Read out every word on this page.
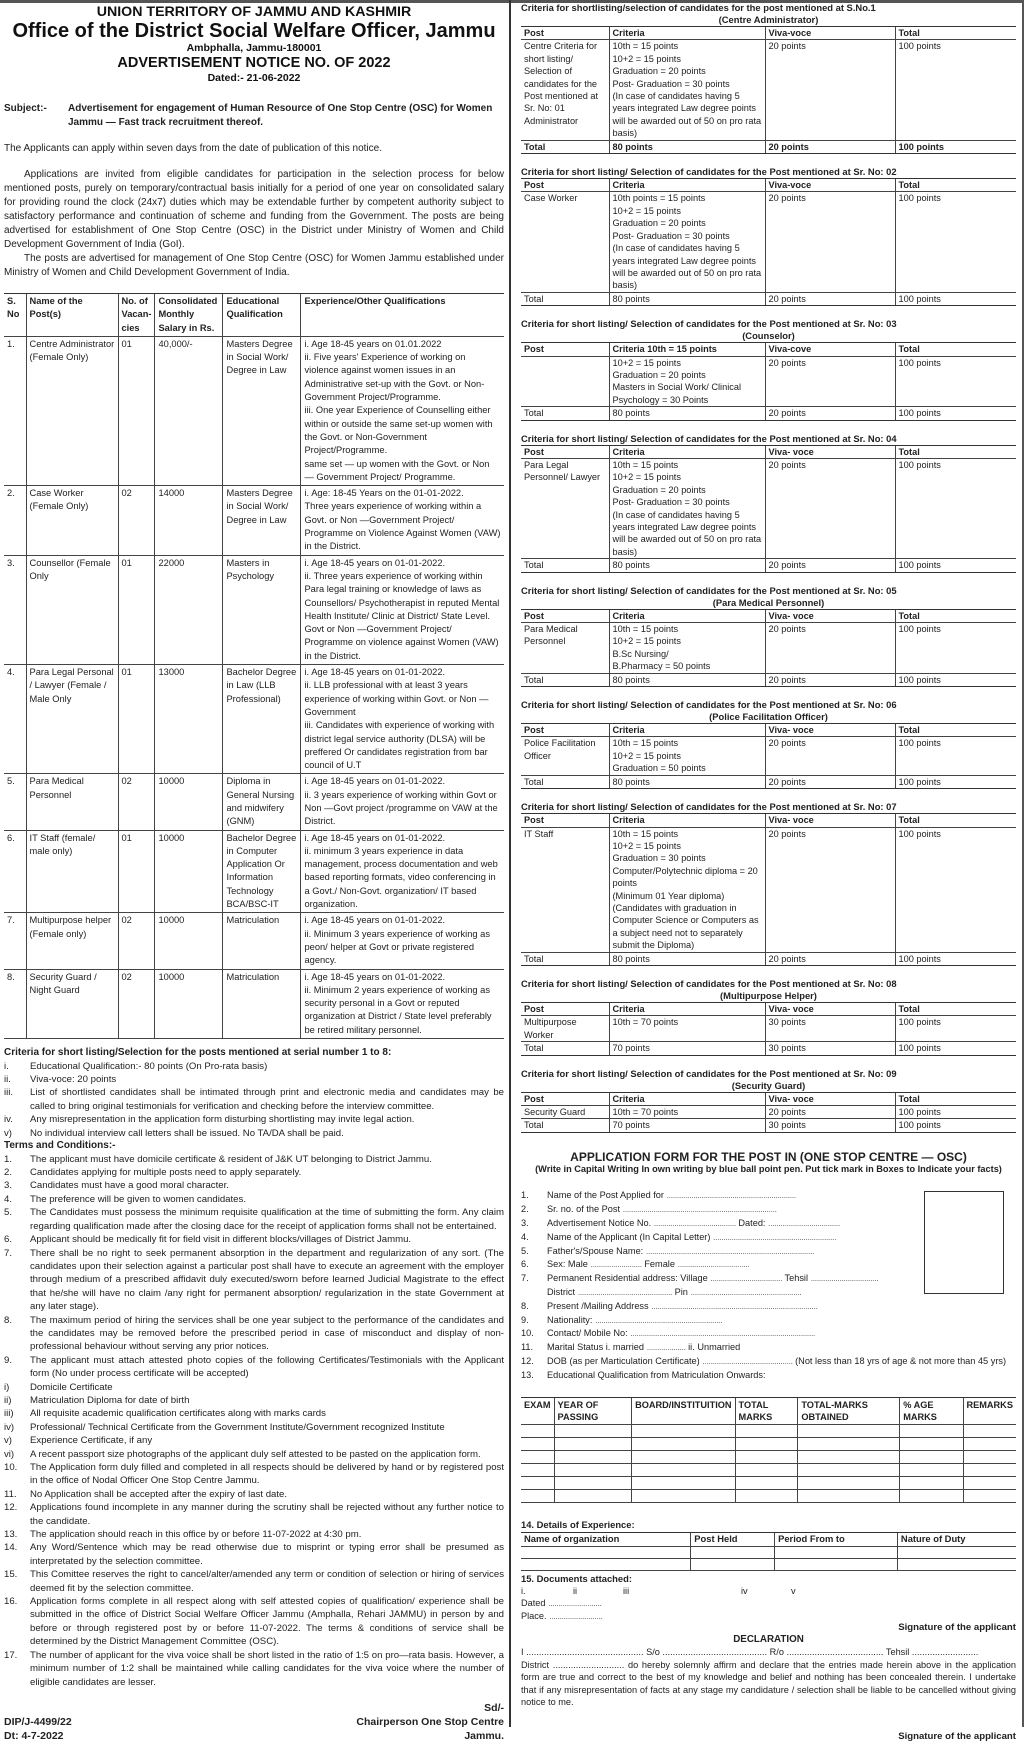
UNION TERRITORY OF JAMMU AND KASHMIR
Office of the District Social Welfare Officer, Jammu
Ambphalla, Jammu-180001
ADVERTISEMENT NOTICE NO. OF 2022
Dated:- 21-06-2022
Subject:-	Advertisement for engagement of Human Resource of One Stop Centre (OSC) for Women Jammu — Fast track recruitment thereof.
The Applicants can apply within seven days from the date of publication of this notice.
Applications are invited from eligible candidates for participation in the selection process for below mentioned posts, purely on temporary/contractual basis initially for a period of one year on consolidated salary for providing round the clock (24x7) duties which may be extendable further by competent authority subject to satisfactory performance and continuation of scheme and funding from the Government. The posts are being advertised for establishment of One Stop Centre (OSC) in the District under Ministry of Women and Child Development Government of India (GoI).
The posts are advertised for management of One Stop Centre (OSC) for Women Jammu established under Ministry of Women and Child Development Government of India.
S. No	Name of the Post(s)	No. of Vacan-cies	Consolidated Monthly Salary in Rs.	Educational Qualification	Experience/Other Qualifications
1.	Centre Administrator (Female Only)	01	40,000/-	Masters Degree in Social Work/ Degree in Law	i. Age 18-45 years on 01.01.2022
ii. Five years' Experience of working on violence against women issues in an Administrative set-up with the Govt. or Non-Government Project/Programme.
iii. One year Experience of Counselling either within or outside the same set-up women with the Govt. or Non-Government Project/Programme.
same set — up women with the Govt. or Non — Government Project/ Programme.
2.	Case Worker (Female Only)	02	14000	Masters Degree in Social Work/ Degree in Law	i. Age: 18-45 Years on the 01-01-2022.
Three years experience of working within a Govt. or Non —Government Project/ Programme on Violence Against Women (VAW) in the District.
3.	Counsellor (Female Only	01	22000	Masters in Psychology	i. Age 18-45 years on 01-01-2022.
ii. Three years experience of working within Para legal training or knowledge of laws as Counsellors/ Psychotherapist in reputed Mental Health Institute/ Clinic at District/ State Level. Govt or Non —Government Project/ Programme on violence against Women (VAW) in the District.
4.	Para Legal Personal / Lawyer (Female / Male Only	01	13000	Bachelor Degree in Law (LLB Professional)	i. Age 18-45 years on 01-01-2022.
ii. LLB professional with at least 3 years experience of working within Govt. or Non — Government
iii. Candidates with experience of working with district legal service authority (DLSA) will be preffered Or candidates registration from bar council of U.T
5.	Para Medical Personnel	02	10000	Diploma in General Nursing and midwifery (GNM)	i. Age 18-45 years on 01-01-2022.
ii. 3 years experience of working within Govt or Non —Govt project /programme on VAW at the District.
6.	IT Staff (female/ male only)	01	10000	Bachelor Degree in Computer Application Or Information Technology BCA/BSC-IT	i. Age 18-45 years on 01-01-2022.
ii. minimum 3 years experience in data management, process documentation and web based reporting formats, video conferencing in a Govt./ Non-Govt. organization/ IT based organization.
7.	Multipurpose helper (Female only)	02	10000	Matriculation	i. Age 18-45 years on 01-01-2022.
ii. Minimum 3 years experience of working as peon/ helper at Govt or private registered agency.
8.	Security Guard / Night Guard	02	10000	Matriculation	i. Age 18-45 years on 01-01-2022.
ii. Minimum 2 years experience of working as security personal in a Govt or reputed organization at District / State level preferably be retired military personnel.
Criteria for short listing/Selection for the posts mentioned at serial number 1 to 8:
i.	Educational Qualification:- 80 points (On Pro-rata basis)
ii.	Viva-voce: 20 points
iii.	List of shortlisted candidates shall be intimated through print and electronic media and candidates may be called to bring original testimonials for verification and checking before the interview committee.
iv.	Any misrepresentation in the application form disturbing shortlisting may invite legal action.
v)	No individual interview call letters shall be issued. No TA/DA shall be paid.
Terms and Conditions:-
1.	The applicant must have domicile certificate & resident of J&K UT belonging to District Jammu.
2.	Candidates applying for multiple posts need to apply separately.
3.	Candidates must have a good moral character.
4.	The preference will be given to women candidates.
5.	The Candidates must possess the minimum requisite qualification at the time of submitting the form. Any claim regarding qualification made after the closing dace for the receipt of application forms shall not be entertained.
6.	Applicant should be medically fit for field visit in different blocks/villages of District Jammu.
7.	There shall be no right to seek permanent absorption in the department and regularization of any sort. (The candidates upon their selection against a particular post shall have to execute an agreement with the employer through medium of a prescribed affidavit duly executed/sworn before learned Judicial Magistrate to the effect that he/she will have no claim /any right for permanent absorption/ regularization in the state Government at any later stage).
8.	The maximum period of hiring the services shall be one year subject to the performance of the candidates and the candidates may be removed before the prescribed period in case of misconduct and display of non-professional behaviour without serving any prior notices.
9.	The applicant must attach attested photo copies of the following Certificates/Testimonials with the Applicant form (No under process certificate will be accepted)
i)	Domicile Certificate
ii)	Matriculation Diploma for date of birth
iii)	All requisite academic qualification certificates along with marks cards
iv)	Professional/ Technical Certificate from the Government Institute/Government recognized Institute
v)	Experience Certificate, if any
vi)	A recent passport size photographs of the applicant duly self attested to be pasted on the application form.
10.	The Application form duly filled and completed in all respects should be delivered by hand or by registered post in the office of Nodal Officer One Stop Centre Jammu.
11.	No Application shall be accepted after the expiry of last date.
12.	Applications found incomplete in any manner during the scrutiny shall be rejected without any further notice to the candidate.
13.	The application should reach in this office by or before 11-07-2022 at 4:30 pm.
14.	Any Word/Sentence which may be read otherwise due to misprint or typing error shall be presumed as interpretated by the selection committee.
15.	This Comittee reserves the right to cancel/alter/amended any term or condition of selection or hiring of services deemed fit by the selection committee.
16.	Application forms complete in all respect along with self attested copies of qualification/ experience shall be submitted in the office of District Social Welfare Officer Jammu (Amphalla, Rehari JAMMU) in person by and before or through registered post by or before 11-07-2022. The terms & conditions of service shall be determined by the District Management Committee (OSC).
17.	The number of applicant for the viva voice shall be short listed in the ratio of 1:5 on pro—rata basis. However, a minimum number of 1:2 shall be maintained while calling candidates for the viva voice where the number of eligible candidates are lesser.
DIP/J-4499/22
Dt: 4-7-2022
Sd/-
Chairperson One Stop Centre
Jammu.
Criteria for shortlisting/selection of candidates for the post mentioned at S.No.1
(Centre Administrator)
Post	Criteria	Viva-voce	Total
Centre Criteria for short listing/ Selection of candidates for the Post mentioned at Sr. No: 01 Administrator	10th = 15 points
10+2 = 15 points
Graduation = 20 points
Post- Graduation = 30 points
(In case of candidates having 5 years integrated Law degree points will be awarded out of 50 on pro rata basis)	20 points	100 points
Total	80 points	20 points	100 points
Criteria for short listing/ Selection of candidates for the Post mentioned at Sr. No: 02
Post	Criteria	Viva-voce	Total
Case Worker	10th points = 15 points
10+2 = 15 points
Graduation = 20 points
Post- Graduation = 30 points
(In case of candidates having 5 years integrated Law degree points will be awarded out of 50 on pro rata basis)	20 points	100 points
Total	80 points	20 points	100 points
Criteria for short listing/ Selection of candidates for the Post mentioned at Sr. No: 03
(Counselor)
Post	Criteria 10th = 15 points	Viva-cove	Total
	10+2 = 15 points
Graduation = 20 points
Masters in Social Work/ Clinical Psychology = 30 Points	20 points	100 points
Total	80 points	20 points	100 points
Criteria for short listing/ Selection of candidates for the Post mentioned at Sr. No: 04
Post	Criteria	Viva- voce	Total
Para Legal Personnel/ Lawyer	10th = 15 points
10+2 = 15 points
Graduation = 20 points
Post- Graduation = 30 points
(In case of candidates having 5 years integrated Law degree points will be awarded out of 50 on pro rata basis)	20 points	100 points
Total	80 points	20 points	100 points
Criteria for short listing/ Selection of candidates for the Post mentioned at Sr. No: 05
(Para Medical Personnel)
Post	Criteria	Viva- voce	Total
Para Medical Personnel	10th = 15 points
10+2 = 15 points
B.Sc Nursing/
B.Pharmacy = 50 points	20 points	100 points
Total	80 points	20 points	100 points
Criteria for short listing/ Selection of candidates for the Post mentioned at Sr. No: 06
(Police Facilitation Officer)
Post	Criteria	Viva- voce	Total
Police Facilitation Officer	10th = 15 points
10+2 = 15 points
Graduation = 50 points	20 points	100 points
Total	80 points	20 points	100 points
Criteria for short listing/ Selection of candidates for the Post mentioned at Sr. No: 07
Post	Criteria	Viva- voce	Total
IT Staff	10th = 15 points
10+2 = 15 points
Graduation = 30 points
Computer/Polytechnic diploma = 20 points
(Minimum 01 Year diploma) (Candidates with graduation in Computer Science or Computers as a subject need not to separately submit the Diploma)	20 points	100 points
Total	80 points	20 points	100 points
Criteria for short listing/ Selection of candidates for the Post mentioned at Sr. No: 08
(Multipurpose Helper)
Post	Criteria	Viva- voce	Total
Multipurpose Worker	10th = 70 points	30 points	100 points
Total	70 points	30 points	100 points
Criteria for short listing/ Selection of candidates for the Post mentioned at Sr. No: 09
(Security Guard)
Post	Criteria	Viva- voce	Total
Security Guard	10th = 70 points	20 points	100 points
Total	70 points	30 points	100 points
APPLICATION FORM FOR THE POST IN (ONE STOP CENTRE — OSC)
(Write in Capital Writing In own writing by blue ball point pen. Put tick mark in Boxes to Indicate your facts)
1.	Name of the Post Applied for ...............................................................
2.	Sr. no. of the Post ...........................................................................
3.	Advertisement Notice No. ........................................ Dated: ...................................
4.	Name of the Applicant (In Capital Letter) ............................................................
5.	Father's/Spouse Name: ..................................................................................
6.	Sex: Male ......................... Female ...................................
7.	Permanent Residential address: Village ................................... Tehsil .................................
District .............................................. Pin ......................................................
8.	Present /Mailing Address .................................................................................
9.	Nationality: ..............................................................
10.	Contact/ Mobile No: ..........................................................................................
11.	Marital Status i. married ................... ii. Unmarried
12.	DOB (as per Marticulation Certificate) ............................................ (Not less than 18 yrs of age & not more than 45 yrs)
13.	Educational Qualification from Matriculation Onwards:
EXAM	YEAR OF PASSING	BOARD/INSTITUITION	TOTAL MARKS	TOTAL-MARKS OBTAINED	% AGE MARKS	REMARKS

14. Details of Experience:
Name of organization	Post Held	Period From to	Nature of Duty

15. Documents attached:
i.	ii	iii	iv	v
Dated ..........................
Place. ..........................
Signature of the applicant
DECLARATION
I .............................................. S/o ......................................... R/o ...................................... Tehsil ..........................
District ............................ do hereby solemnly affirm and declare that the entries made herein above in the application form are true and correct to the best of my knowledge and belief and nothing has been concealed therein. I undertake that if any misrepresentation of facts at any stage my candidature / selection shall be liable to be cancelled without giving notice to me.
Signature of the applicant
